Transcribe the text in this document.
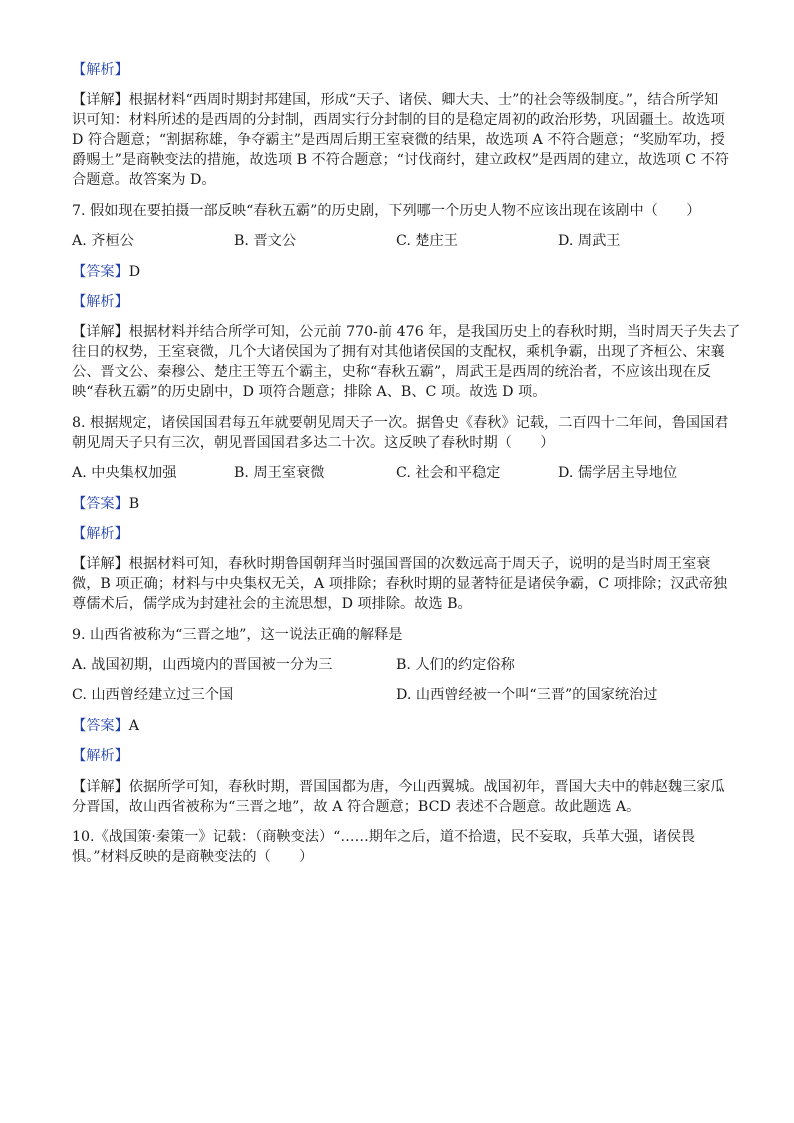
【解析】

【详解】根据材料“西周时期封邦建国，形成“天子、诸侯、卿大夫、士”的社会等级制度。”，结合所学知

识可知：材料所述的是西周的分封制，西周实行分封制的目的是稳定周初的政治形势，巩固疆土。故选项

D 符合题意；“割据称雄，争夺霸主”是西周后期王室衰微的结果，故选项 A 不符合题意；“奖励军功，授

爵赐土”是商鞅变法的措施，故选项 B 不符合题意；“讨伐商纣，建立政权”是西周的建立，故选项 C 不符

合题意。故答案为 D。

7. 假如现在要拍摄一部反映“春秋五霸”的历史剧，下列哪一个历史人物不应该出现在该剧中（　　）

A. 齐桓公	B. 晋文公	C. 楚庄王	D. 周武王

【答案】D

【解析】

【详解】根据材料并结合所学可知，公元前 770-前 476 年，是我国历史上的春秋时期，当时周天子失去了

往日的权势，王室衰微，几个大诸侯国为了拥有对其他诸侯国的支配权，乘机争霸，出现了齐桓公、宋襄

公、晋文公、秦穆公、楚庄王等五个霸主，史称“春秋五霸”，周武王是西周的统治者，不应该出现在反

映“春秋五霸”的历史剧中，D 项符合题意；排除 A、B、C 项。故选 D 项。

8. 根据规定，诸侯国国君每五年就要朝见周天子一次。据鲁史《春秋》记载，二百四十二年间，鲁国国君

朝见周天子只有三次，朝见晋国国君多达二十次。这反映了春秋时期（　　）

A. 中央集权加强	B. 周王室衰微	C. 社会和平稳定	D. 儒学居主导地位

【答案】B

【解析】

【详解】根据材料可知，春秋时期鲁国朝拜当时强国晋国的次数远高于周天子，说明的是当时周王室衰

微，B 项正确；材料与中央集权无关，A 项排除；春秋时期的显著特征是诸侯争霸，C 项排除；汉武帝独

尊儒术后，儒学成为封建社会的主流思想，D 项排除。故选 B。

9. 山西省被称为“三晋之地”，这一说法正确的解释是

A. 战国初期，山西境内的晋国被一分为三	B. 人们的约定俗称
C. 山西曾经建立过三个国	D. 山西曾经被一个叫“三晋”的国家统治过

【答案】A

【解析】

【详解】依据所学可知，春秋时期，晋国国都为唐，今山西翼城。战国初年，晋国大夫中的韩赵魏三家瓜

分晋国，故山西省被称为“三晋之地”，故 A 符合题意；BCD 表述不合题意。故此题选 A。

10.《战国策·秦策一》记载：（商鞅变法）“……期年之后，道不拾遗，民不妄取，兵革大强，诸侯畏

惧。”材料反映的是商鞅变法的（　　）
